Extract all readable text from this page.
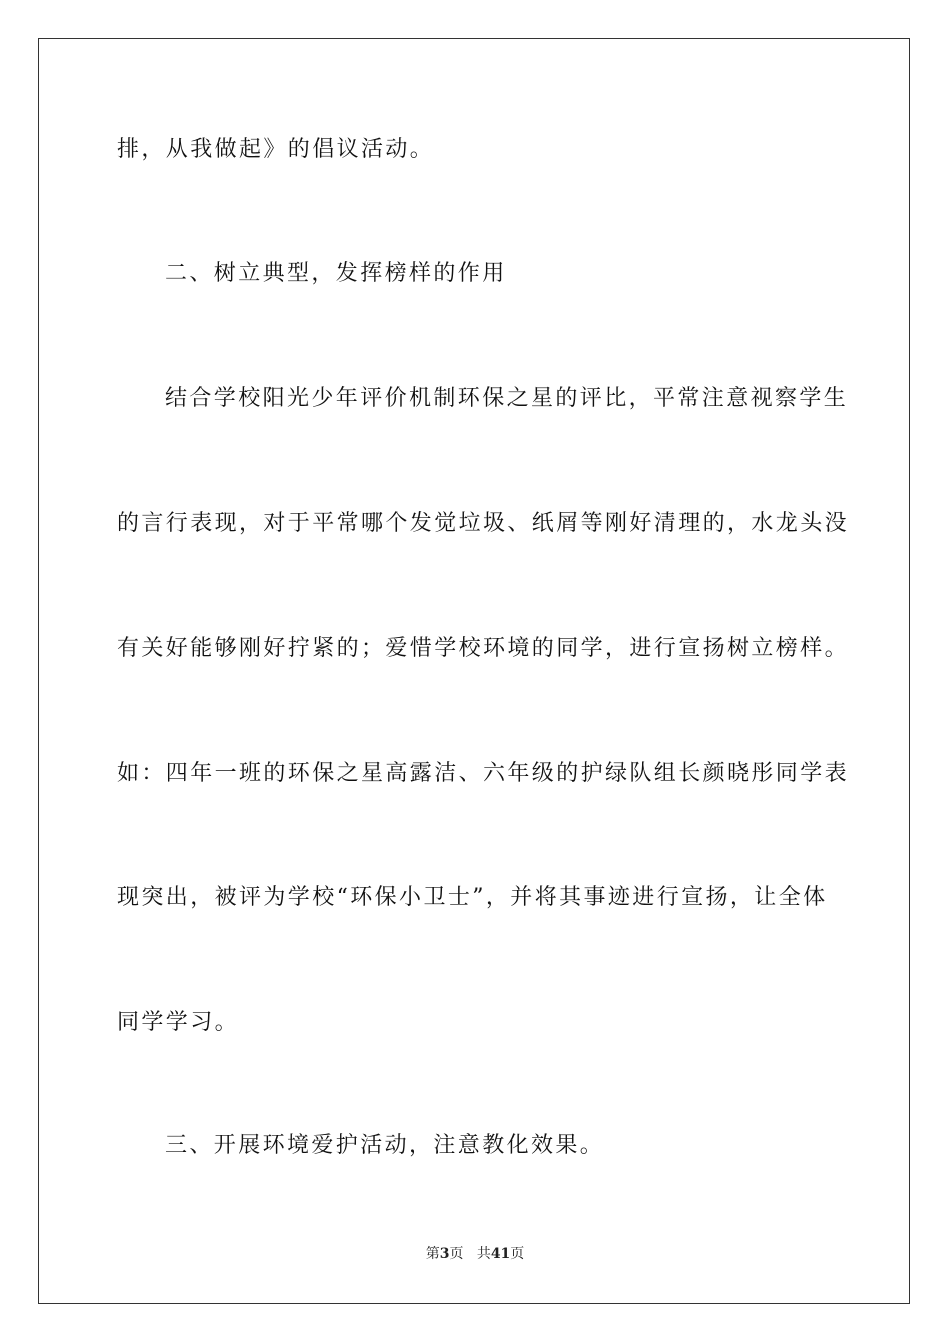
排，从我做起》的倡议活动。
二、树立典型，发挥榜样的作用
结合学校阳光少年评价机制环保之星的评比，平常注意视察学生
的言行表现，对于平常哪个发觉垃圾、纸屑等刚好清理的，水龙头没
有关好能够刚好拧紧的；爱惜学校环境的同学，进行宣扬树立榜样。
如：四年一班的环保之星高露洁、六年级的护绿队组长颜晓彤同学表
现突出，被评为学校“环保小卫士”，并将其事迹进行宣扬，让全体
同学学习。
三、开展环境爱护活动，注意教化效果。
第3页 共41页
